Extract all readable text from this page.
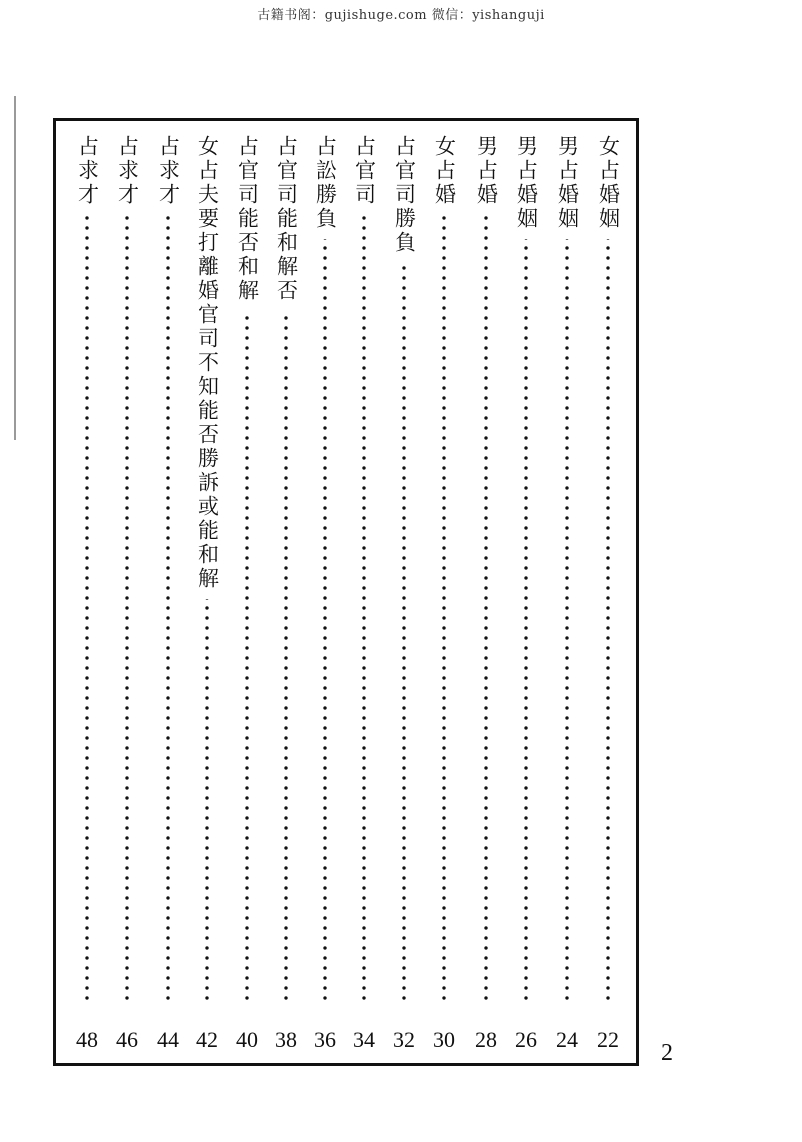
古籍书阁：gujishuge.com 微信：yishanguji
女占婚姻
22
男占婚姻
24
男占婚姻
26
男占婚
28
女占婚
30
占官司勝負
32
占官司
34
占訟勝負
36
占官司能和解否
38
占官司能否和解
40
女占夫要打離婚官司不知能否勝訴或能和解
42
占求才
44
占求才
46
占求才
48
2
